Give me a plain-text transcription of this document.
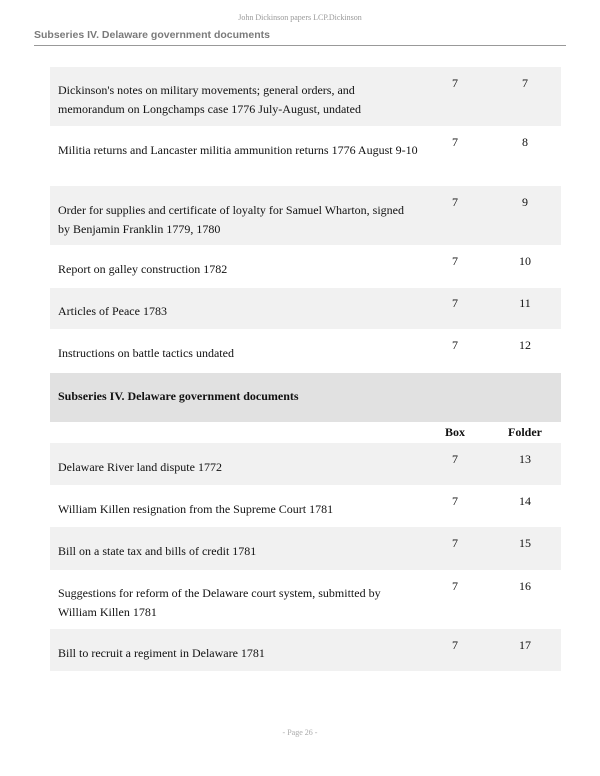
John Dickinson papers LCP.Dickinson
Subseries IV. Delaware government documents
Dickinson's notes on military movements; general orders, and memorandum on Longchamps case 1776 July-August, undated
7	7
Militia returns and Lancaster militia ammunition returns 1776 August 9-10
7	8
Order for supplies and certificate of loyalty for Samuel Wharton, signed by Benjamin Franklin 1779, 1780
7	9
Report on galley construction 1782
7	10
Articles of Peace 1783
7	11
Instructions on battle tactics undated
7	12
Subseries IV. Delaware government documents
Box	Folder
Delaware River land dispute 1772
7	13
William Killen resignation from the Supreme Court 1781
7	14
Bill on a state tax and bills of credit 1781
7	15
Suggestions for reform of the Delaware court system, submitted by William Killen 1781
7	16
Bill to recruit a regiment in Delaware 1781
7	17
- Page 26 -
